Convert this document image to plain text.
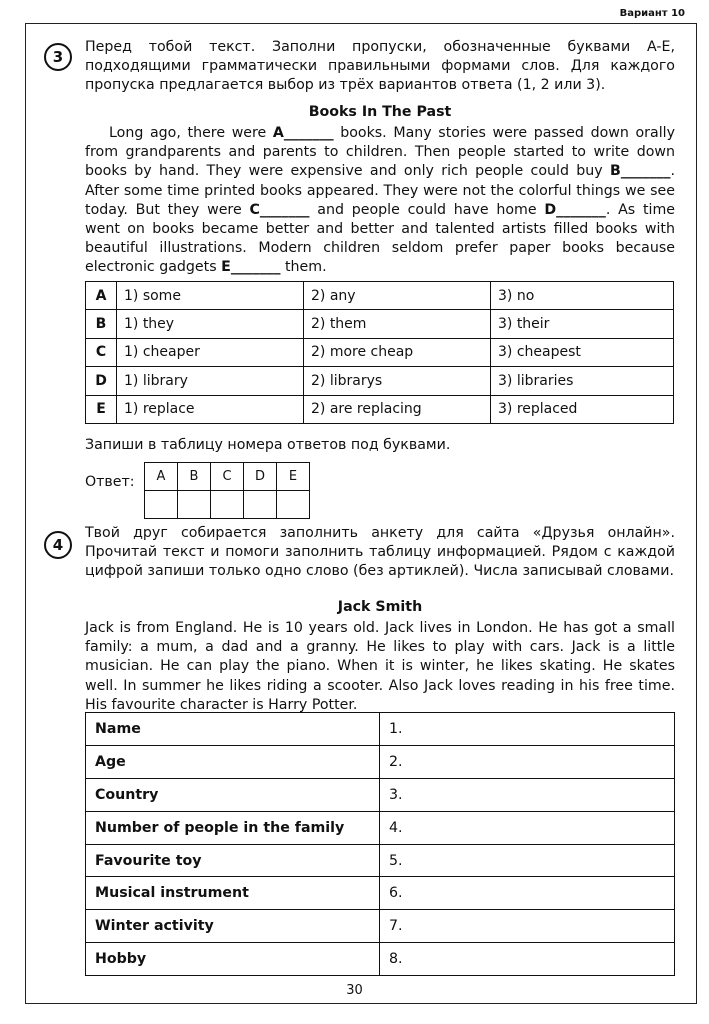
Вариант 10
3

Перед тобой текст. Заполни пропуски, обозначенные буквами A-E, подходящими грамматически правильными формами слов. Для каждого пропуска предлагается выбор из трёх вариантов ответа (1, 2 или 3).

Books In The Past

Long ago, there were A_______ books. Many stories were passed down orally from grandparents and parents to children. Then people started to write down books by hand. They were expensive and only rich people could buy B_______. After some time printed books appeared. They were not the colorful things we see today. But they were C_______ and people could have home D_______. As time went on books became better and better and talented artists filled books with beautiful illustrations. Modern children seldom prefer paper books because electronic gadgets E_______ them.

A	1) some	2) any	3) no
B	1) they	2) them	3) their
C	1) cheaper	2) more cheap	3) cheapest
D	1) library	2) librarys	3) libraries
E	1) replace	2) are replacing	3) replaced
Запиши в таблицу номера ответов под буквами.
Ответ: A	B	C	D	E

4

Твой друг собирается заполнить анкету для сайта «Друзья онлайн». Прочитай текст и помоги заполнить таблицу информацией. Рядом с каждой цифрой запиши только одно слово (без артиклей). Числа записывай словами.

Jack Smith

Jack is from England. He is 10 years old. Jack lives in London. He has got a small family: a mum, a dad and a granny. He likes to play with cars. Jack is a little musician. He can play the piano. When it is winter, he likes skating. He skates well. In summer he likes riding a scooter. Also Jack loves reading in his free time. His favourite character is Harry Potter.

Name	1.
Age	2.
Country	3.
Number of people in the family	4.
Favourite toy	5.
Musical instrument	6.
Winter activity	7.
Hobby	8.
30
